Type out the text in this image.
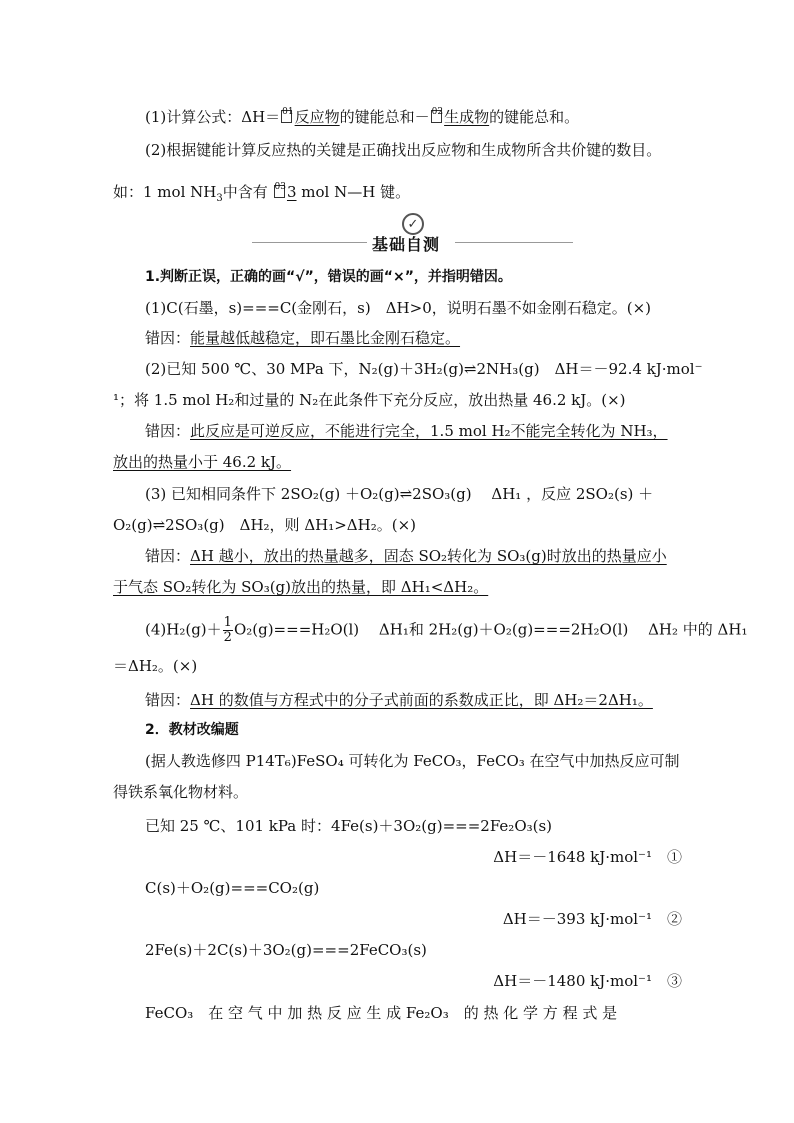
(1)计算公式：ΔH＝ $^{01}$反应物的键能总和－ $^{02}$生成物的键能总和。
(2)根据键能计算反应热的关键是正确找出反应物和生成物所含共价键的数目。
如：1 mol $NH_3$中含有 $^{03}$3 mol N—H 键。
✓
基础自测
1.判断正误，正确的画“√”，错误的画“×”，并指明错因。
(1)C(石墨，s)===C(金刚石，s)　ΔH>0，说明石墨不如金刚石稳定。(×)
错因：能量越低越稳定，即石墨比金刚石稳定。
(2)已知 500 ℃、30 MPa 下，N₂(g)＋3H₂(g)⇌2NH₃(g)　ΔH＝－92.4 kJ·mol⁻
¹；将 1.5 mol H₂和过量的 N₂在此条件下充分反应，放出热量 46.2 kJ。(×)
错因：此反应是可逆反应，不能进行完全，1.5 mol H₂不能完全转化为 NH₃，
放出的热量小于 46.2 kJ。
(3) 已知相同条件下 2SO₂(g) ＋O₂(g)⇌2SO₃(g)　 ΔH₁ ，反应 2SO₂(s) ＋
O₂(g)⇌2SO₃(g)　ΔH₂，则 ΔH₁>ΔH₂。(×)
错因：ΔH 越小，放出的热量越多，固态 SO₂转化为 SO₃(g)时放出的热量应小
于气态 SO₂转化为 SO₃(g)放出的热量，即 ΔH₁<ΔH₂。
$(4)H_2(g)+ \frac{1}{2} O_2(g)===H_2O(l)$　 ΔH₁和 2H₂(g)＋O₂(g)===2H₂O(l)　 ΔH₂ 中的 ΔH₁
＝ΔH₂。(×)
错因：ΔH 的数值与方程式中的分子式前面的系数成正比，即 ΔH₂＝2ΔH₁。
2．教材改编题
(据人教选修四 P14T₆)FeSO₄ 可转化为 FeCO₃，FeCO₃ 在空气中加热反应可制
得铁系氧化物材料。
已知 25 ℃、101 kPa 时：4Fe(s)＋3O₂(g)===2Fe₂O₃(s)
ΔH＝－1648 kJ·mol⁻¹　①
C(s)＋O₂(g)===CO₂(g)
ΔH＝－393 kJ·mol⁻¹　②
2Fe(s)＋2C(s)＋3O₂(g)===2FeCO₃(s)
ΔH＝－1480 kJ·mol⁻¹　③
FeCO₃　在 空 气 中 加 热 反 应 生 成 Fe₂O₃　的 热 化 学 方 程 式 是
